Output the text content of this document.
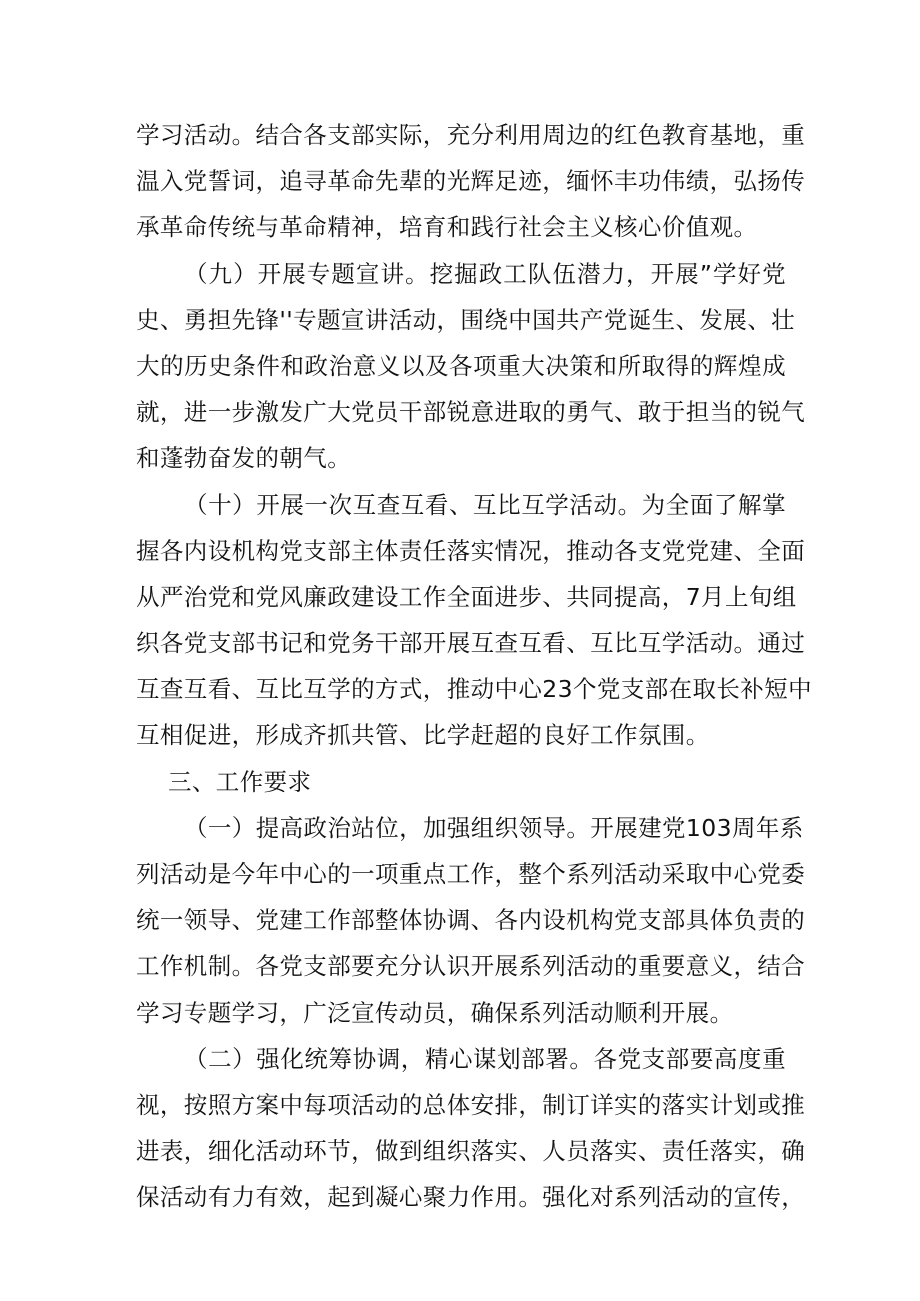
学习活动。结合各支部实际，充分利用周边的红色教育基地，重
温入党誓词，追寻革命先辈的光辉足迹，缅怀丰功伟绩，弘扬传
承革命传统与革命精神，培育和践行社会主义核心价值观。
（九）开展专题宣讲。挖掘政工队伍潜力，开展”学好党
史、勇担先锋''专题宣讲活动，围绕中国共产党诞生、发展、壮
大的历史条件和政治意义以及各项重大决策和所取得的辉煌成
就，进一步激发广大党员干部锐意进取的勇气、敢于担当的锐气
和蓬勃奋发的朝气。
（十）开展一次互查互看、互比互学活动。为全面了解掌
握各内设机构党支部主体责任落实情况，推动各支党党建、全面
从严治党和党风廉政建设工作全面进步、共同提高，7月上旬组
织各党支部书记和党务干部开展互查互看、互比互学活动。通过
互查互看、互比互学的方式，推动中心23个党支部在取长补短中
互相促进，形成齐抓共管、比学赶超的良好工作氛围。
三、工作要求
（一）提高政治站位，加强组织领导。开展建党103周年系
列活动是今年中心的一项重点工作，整个系列活动采取中心党委
统一领导、党建工作部整体协调、各内设机构党支部具体负责的
工作机制。各党支部要充分认识开展系列活动的重要意义，结合
学习专题学习，广泛宣传动员，确保系列活动顺利开展。
（二）强化统筹协调，精心谋划部署。各党支部要高度重
视，按照方案中每项活动的总体安排，制订详实的落实计划或推
进表，细化活动环节，做到组织落实、人员落实、责任落实，确
保活动有力有效，起到凝心聚力作用。强化对系列活动的宣传，
